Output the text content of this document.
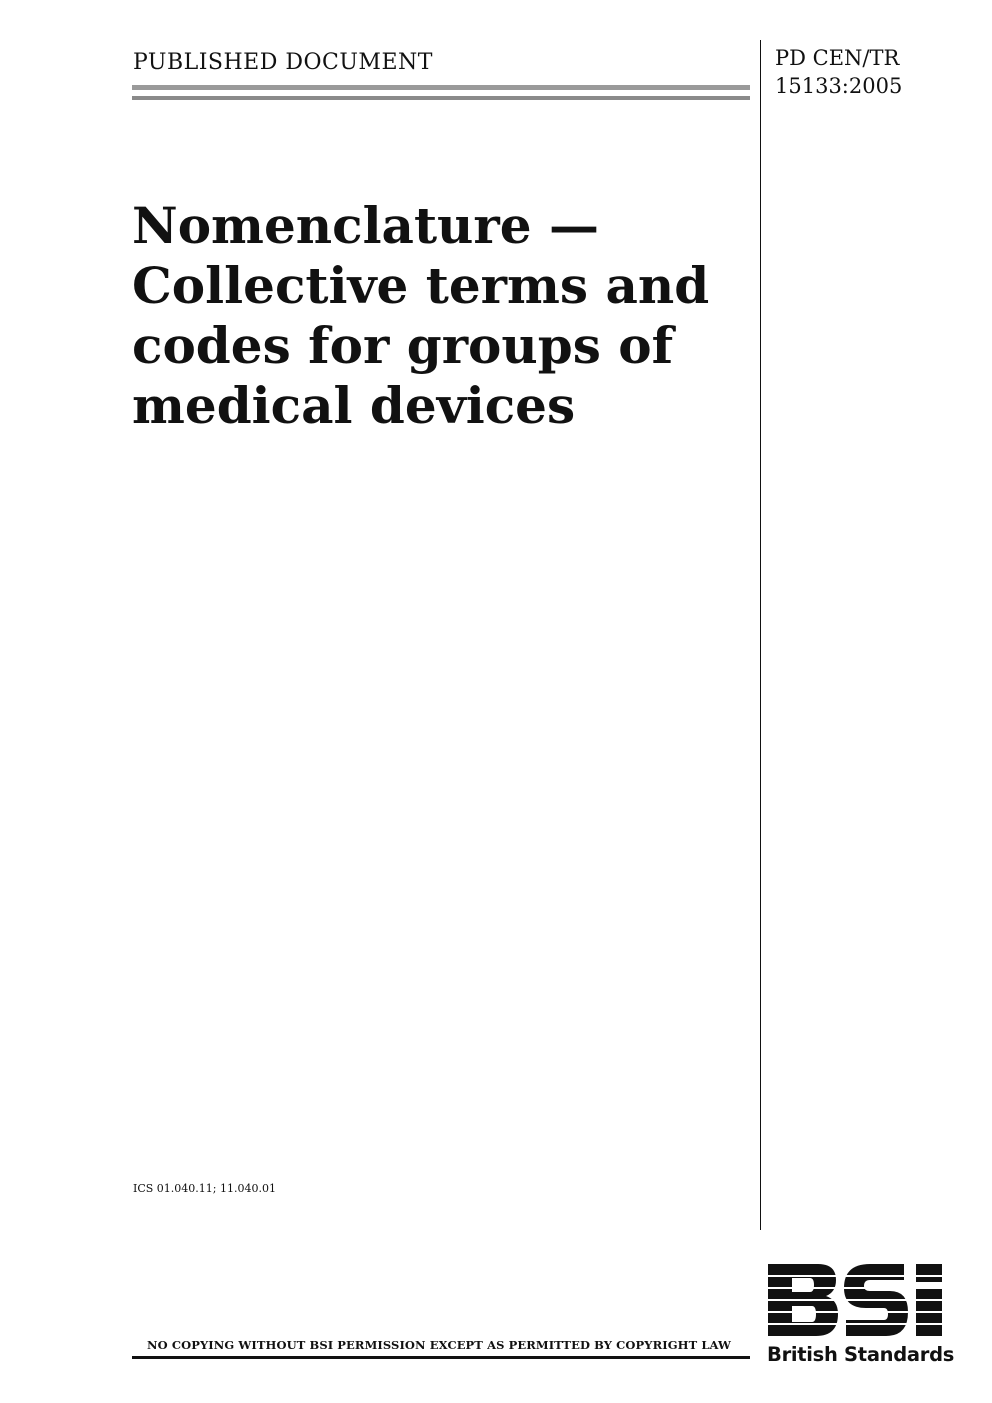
PUBLISHED DOCUMENT	PD CEN/TR
15133:2005
Nomenclature —
Collective terms and
codes for groups of
medical devices
ICS 01.040.11; 11.040.01
NO COPYING WITHOUT BSI PERMISSION EXCEPT AS PERMITTED BY COPYRIGHT LAW British Standards
